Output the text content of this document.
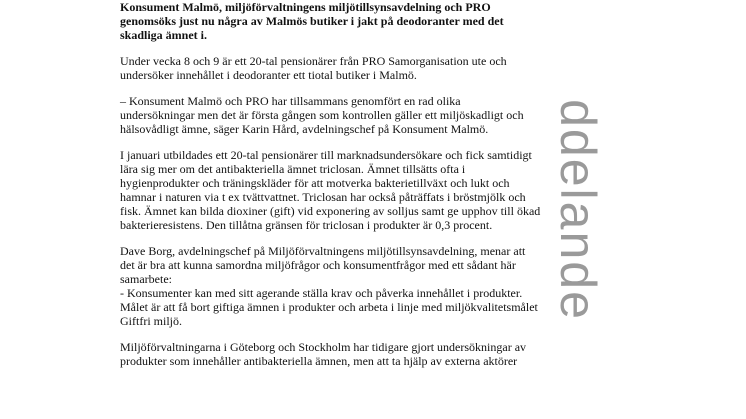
Konsument Malmö, miljöförvaltningens miljötillsynsavdelning och PRO
genomsöks just nu några av Malmös butiker i jakt på deodoranter med det
skadliga ämnet i.
Under vecka 8 och 9 är ett 20-tal pensionärer från PRO Samorganisation ute och
undersöker innehållet i deodoranter ett tiotal butiker i Malmö.
– Konsument Malmö och PRO har tillsammans genomfört en rad olika
undersökningar men det är första gången som kontrollen gäller ett miljöskadligt och
hälsovådligt ämne, säger Karin Hård, avdelningschef på Konsument Malmö.
I januari utbildades ett 20-tal pensionärer till marknadsundersökare och fick samtidigt
lära sig mer om det antibakteriella ämnet triclosan. Ämnet tillsätts ofta i
hygienprodukter och träningskläder för att motverka bakterietillväxt och lukt och
hamnar i naturen via t ex tvättvattnet. Triclosan har också påträffats i bröstmjölk och
fisk. Ämnet kan bilda dioxiner (gift) vid exponering av solljus samt ge upphov till ökad
bakterieresistens. Den tillåtna gränsen för triclosan i produkter är 0,3 procent.
Dave Borg, avdelningschef på Miljöförvaltningens miljötillsynsavdelning, menar att
det är bra att kunna samordna miljöfrågor och konsumentfrågor med ett sådant här
samarbete:
- Konsumenter kan med sitt agerande ställa krav och påverka innehållet i produkter.
Målet är att få bort giftiga ämnen i produkter och arbeta i linje med miljökvalitetsmålet
Giftfri miljö.
Miljöförvaltningarna i Göteborg och Stockholm har tidigare gjort undersökningar av
produkter som innehåller antibakteriella ämnen, men att ta hjälp av externa aktörer
ddelande
